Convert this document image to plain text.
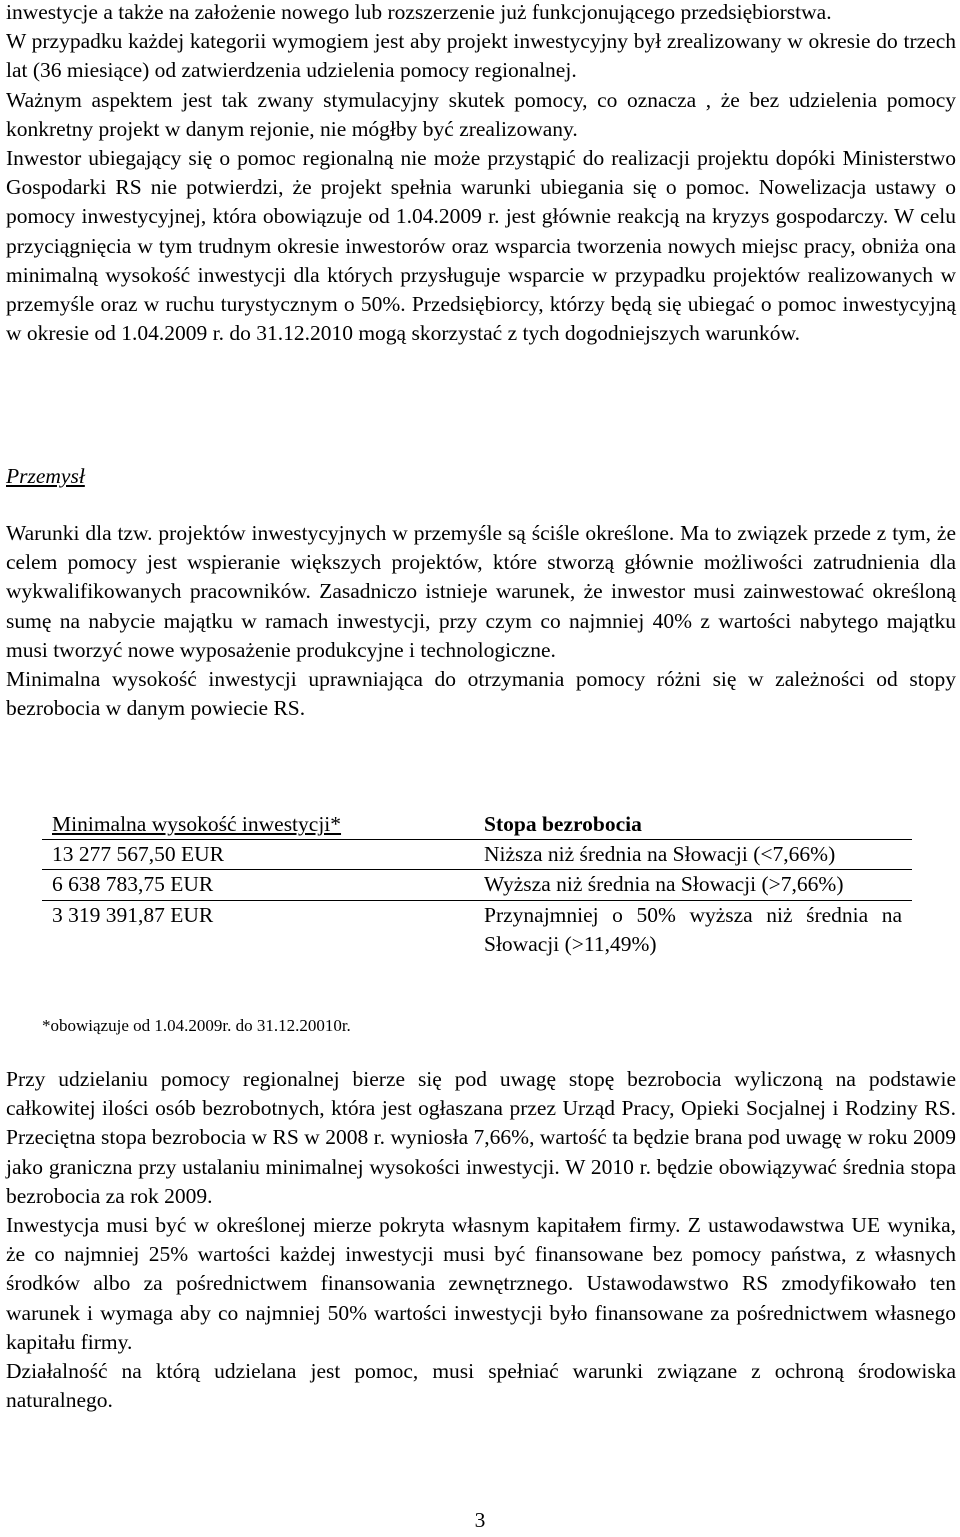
inwestycje a także na założenie nowego lub rozszerzenie już funkcjonującego przedsiębiorstwa.

W przypadku każdej kategorii wymogiem jest aby projekt inwestycyjny był zrealizowany w okresie do trzech lat (36 miesiące) od zatwierdzenia udzielenia pomocy regionalnej.

Ważnym aspektem jest tak zwany stymulacyjny skutek pomocy, co oznacza , że bez udzielenia pomocy konkretny projekt w danym rejonie, nie mógłby być zrealizowany.

Inwestor ubiegający się o pomoc regionalną nie może przystąpić do realizacji projektu dopóki Ministerstwo Gospodarki RS nie potwierdzi, że projekt spełnia warunki ubiegania się o pomoc. Nowelizacja ustawy o pomocy inwestycyjnej, która obowiązuje od 1.04.2009 r. jest głównie reakcją na kryzys gospodarczy. W celu przyciągnięcia w tym trudnym okresie inwestorów oraz wsparcia tworzenia nowych miejsc pracy, obniża ona minimalną wysokość inwestycji dla których przysługuje wsparcie w przypadku projektów realizowanych w przemyśle oraz w ruchu turystycznym o 50%. Przedsiębiorcy, którzy będą się ubiegać o pomoc inwestycyjną w okresie od 1.04.2009 r. do 31.12.2010 mogą skorzystać z tych dogodniejszych warunków.

Przemysł

Warunki dla tzw. projektów inwestycyjnych w przemyśle są ściśle określone. Ma to związek przede z tym, że celem pomocy jest wspieranie większych projektów, które stworzą głównie możliwości zatrudnienia dla wykwalifikowanych pracowników. Zasadniczo istnieje warunek, że inwestor musi zainwestować określoną sumę na nabycie majątku w ramach inwestycji, przy czym co najmniej 40% z wartości nabytego majątku musi tworzyć nowe wyposażenie produkcyjne i technologiczne.

Minimalna wysokość inwestycji uprawniająca do otrzymania pomocy różni się w zależności od stopy bezrobocia w danym powiecie RS.

Minimalna wysokość inwestycji*	Stopa bezrobocia
13 277 567,50 EUR	Niższa niż średnia na Słowacji (<7,66%)
6 638 783,75 EUR	Wyższa niż średnia na Słowacji (>7,66%)
3 319 391,87 EUR	Przynajmniej o 50% wyższa niż średnia na Słowacji (>11,49%)
*obowiązuje od 1.04.2009r. do 31.12.20010r.

Przy udzielaniu pomocy regionalnej bierze się pod uwagę stopę bezrobocia wyliczoną na podstawie całkowitej ilości osób bezrobotnych, która jest ogłaszana przez Urząd Pracy, Opieki Socjalnej i Rodziny RS. Przeciętna stopa bezrobocia w RS w 2008 r. wyniosła 7,66%, wartość ta będzie brana pod uwagę w roku 2009 jako graniczna przy ustalaniu minimalnej wysokości inwestycji. W 2010 r. będzie obowiązywać średnia stopa bezrobocia za rok 2009.

Inwestycja musi być w określonej mierze pokryta własnym kapitałem firmy. Z ustawodawstwa UE wynika, że co najmniej 25% wartości każdej inwestycji musi być finansowane bez pomocy państwa, z własnych środków albo za pośrednictwem finansowania zewnętrznego. Ustawodawstwo RS zmodyfikowało ten warunek i wymaga aby co najmniej 50% wartości inwestycji było finansowane za pośrednictwem własnego kapitału firmy.

Działalność na którą udzielana jest pomoc, musi spełniać warunki związane z ochroną środowiska naturalnego.

3
